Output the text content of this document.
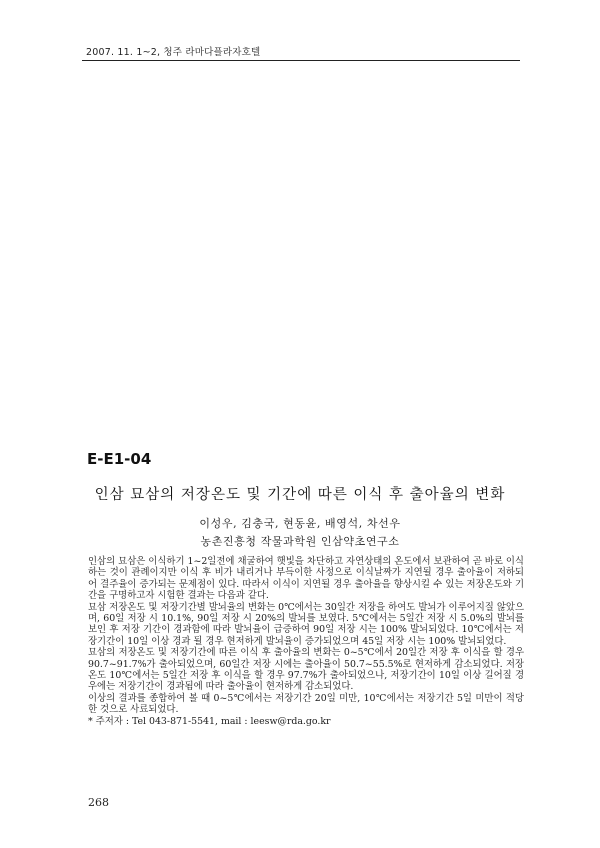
2007. 11. 1~2, 청주 라마다플라자호텔
E-E1-04
인삼 묘삼의 저장온도 및 기간에 따른 이식 후 출아율의 변화
이성우, 김충국, 현동윤, 배영석, 차선우
농촌진흥청 작물과학원 인삼약초연구소

인삼의 묘삼은 이식하기 1~2일전에 채굴하여 햇빛을 차단하고 자연상태의 온도에서 보관하여 곧 바로 이식하는 것이 관례이지만 이식 후 비가 내리거나 부득이한 사정으로 이식날짜가 지연될 경우 출아율이 저하되어 결주율이 증가되는 문제점이 있다. 따라서 이식이 지연될 경우 출아율을 향상시킬 수 있는 저장온도와 기간을 구명하고자 시험한 결과는 다음과 같다.

묘삼 저장온도 및 저장기간별 발뇌율의 변화는 0℃에서는 30일간 저장을 하여도 발뇌가 이루어지질 않았으며, 60일 저장 시 10.1%, 90일 저장 시 20%의 발뇌를 보였다. 5℃에서는 5일간 저장 시 5.0%의 발뇌를 보인 후 저장 기간이 경과함에 따라 발뇌율이 급증하여 90일 저장 시는 100% 발뇌되었다. 10℃에서는 저장기간이 10일 이상 경과 될 경우 현저하게 발뇌율이 증가되었으며 45일 저장 시는 100% 발뇌되었다.

묘삼의 저장온도 및 저장기간에 따른 이식 후 출아율의 변화는 0~5℃에서 20일간 저장 후 이식을 할 경우 90.7~91.7%가 출아되었으며, 60일간 저장 시에는 출아율이 50.7~55.5%로 현저하게 감소되었다. 저장온도 10℃에서는 5일간 저장 후 이식을 할 경우 97.7%가 출아되었으나, 저장기간이 10일 이상 길어질 경우에는 저장기간이 경과됨에 따라 출아율이 현저하게 감소되었다.

이상의 결과를 종합하여 볼 때 0~5℃에서는 저장기간 20일 미만, 10℃에서는 저장기간 5일 미만이 적당한 것으로 사료되었다.

* 주저자 : Tel 043-871-5541, mail : leesw@rda.go.kr

268
